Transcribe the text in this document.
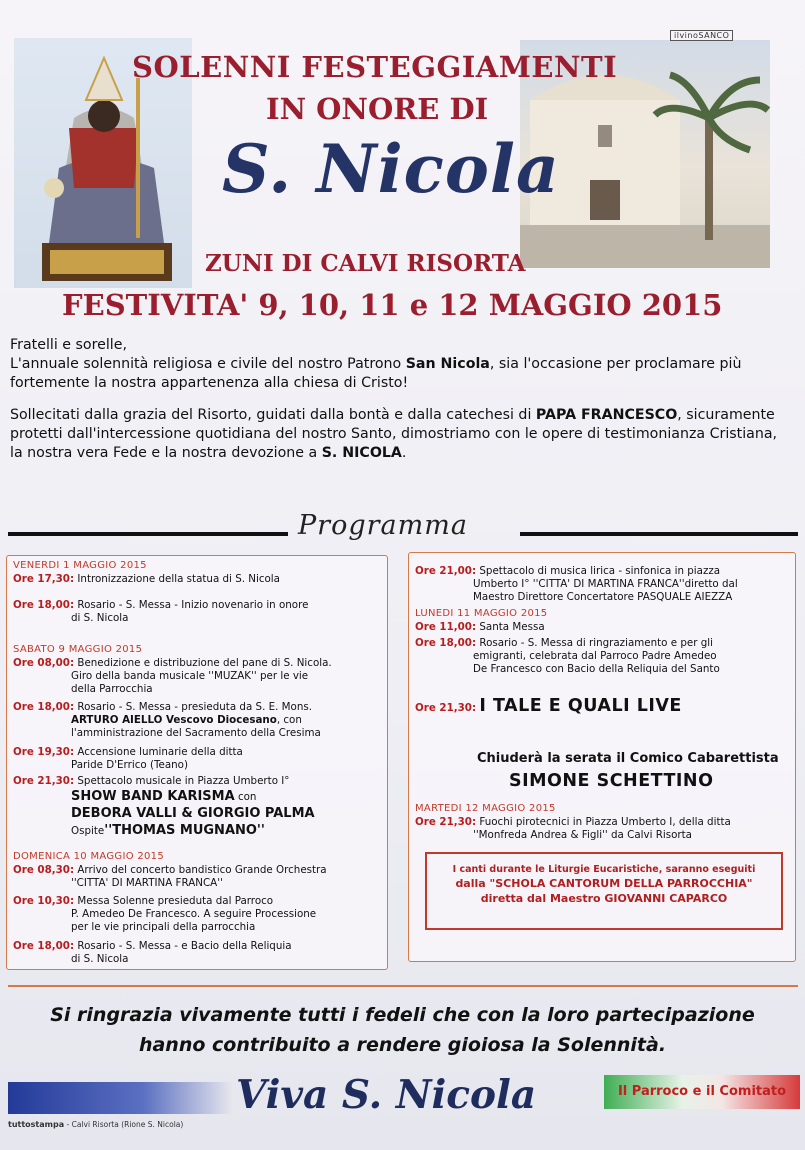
ilvinoSANCO
SOLENNI FESTEGGIAMENTI
IN ONORE DI
S. Nicola
ZUNI DI CALVI RISORTA
FESTIVITA' 9, 10, 11 e 12 MAGGIO 2015

Fratelli e sorelle,
L'annuale solennità religiosa e civile del nostro Patrono San Nicola, sia l'occasione per proclamare più fortemente la nostra appartenenza alla chiesa di Cristo!

Sollecitati dalla grazia del Risorto, guidati dalla bontà e dalla catechesi di PAPA FRANCESCO, sicuramente protetti dall'intercessione quotidiana del nostro Santo, dimostriamo con le opere di testimonianza Cristiana, la nostra vera Fede e la nostra devozione a S. NICOLA.

Programma
VENERDI 1 MAGGIO 2015
Ore 17,30: Intronizzazione della statua di S. Nicola
Ore 18,00: Rosario - S. Messa - Inizio novenario in onore
di S. Nicola
SABATO 9 MAGGIO 2015
Ore 08,00: Benedizione e distribuzione del pane di S. Nicola.
Giro della banda musicale ''MUZAK'' per le vie
della Parrocchia
Ore 18,00: Rosario - S. Messa - presieduta da S. E. Mons.
ARTURO AIELLO Vescovo Diocesano, con
l'amministrazione del Sacramento della Cresima
Ore 19,30: Accensione luminarie della ditta
Paride D'Errico (Teano)
Ore 21,30: Spettacolo musicale in Piazza Umberto I°
SHOW BAND KARISMA con
DEBORA VALLI & GIORGIO PALMA
Ospite''THOMAS MUGNANO''
DOMENICA 10 MAGGIO 2015
Ore 08,30: Arrivo del concerto bandistico Grande Orchestra
''CITTA' DI MARTINA FRANCA''
Ore 10,30: Messa Solenne presieduta dal Parroco
P. Amedeo De Francesco. A seguire Processione
per le vie principali della parrocchia
Ore 18,00: Rosario - S. Messa - e Bacio della Reliquia
di S. Nicola
Ore 21,00: Spettacolo di musica lirica - sinfonica in piazza
Umberto I° ''CITTA' DI MARTINA FRANCA''diretto dal
Maestro Direttore Concertatore PASQUALE AIEZZA
LUNEDI 11 MAGGIO 2015
Ore 11,00: Santa Messa
Ore 18,00: Rosario - S. Messa di ringraziamento e per gli
emigranti, celebrata dal Parroco Padre Amedeo
De Francesco con Bacio della Reliquia del Santo
Ore 21,30: I TALE E QUALI LIVE
Chiuderà la serata il Comico Cabarettista
SIMONE SCHETTINO
MARTEDI 12 MAGGIO 2015
Ore 21,30: Fuochi pirotecnici in Piazza Umberto I, della ditta
''Monfreda Andrea & Figli'' da Calvi Risorta
I canti durante le Liturgie Eucaristiche, saranno eseguiti
dalla "SCHOLA CANTORUM DELLA PARROCCHIA"
diretta dal Maestro GIOVANNI CAPARCO
Si ringrazia vivamente tutti i fedeli che con la loro partecipazione
hanno contribuito a rendere gioiosa la Solennità.
Viva S. Nicola	Il Parroco e il Comitato
tuttostampa - Calvi Risorta (Rione S. Nicola)
